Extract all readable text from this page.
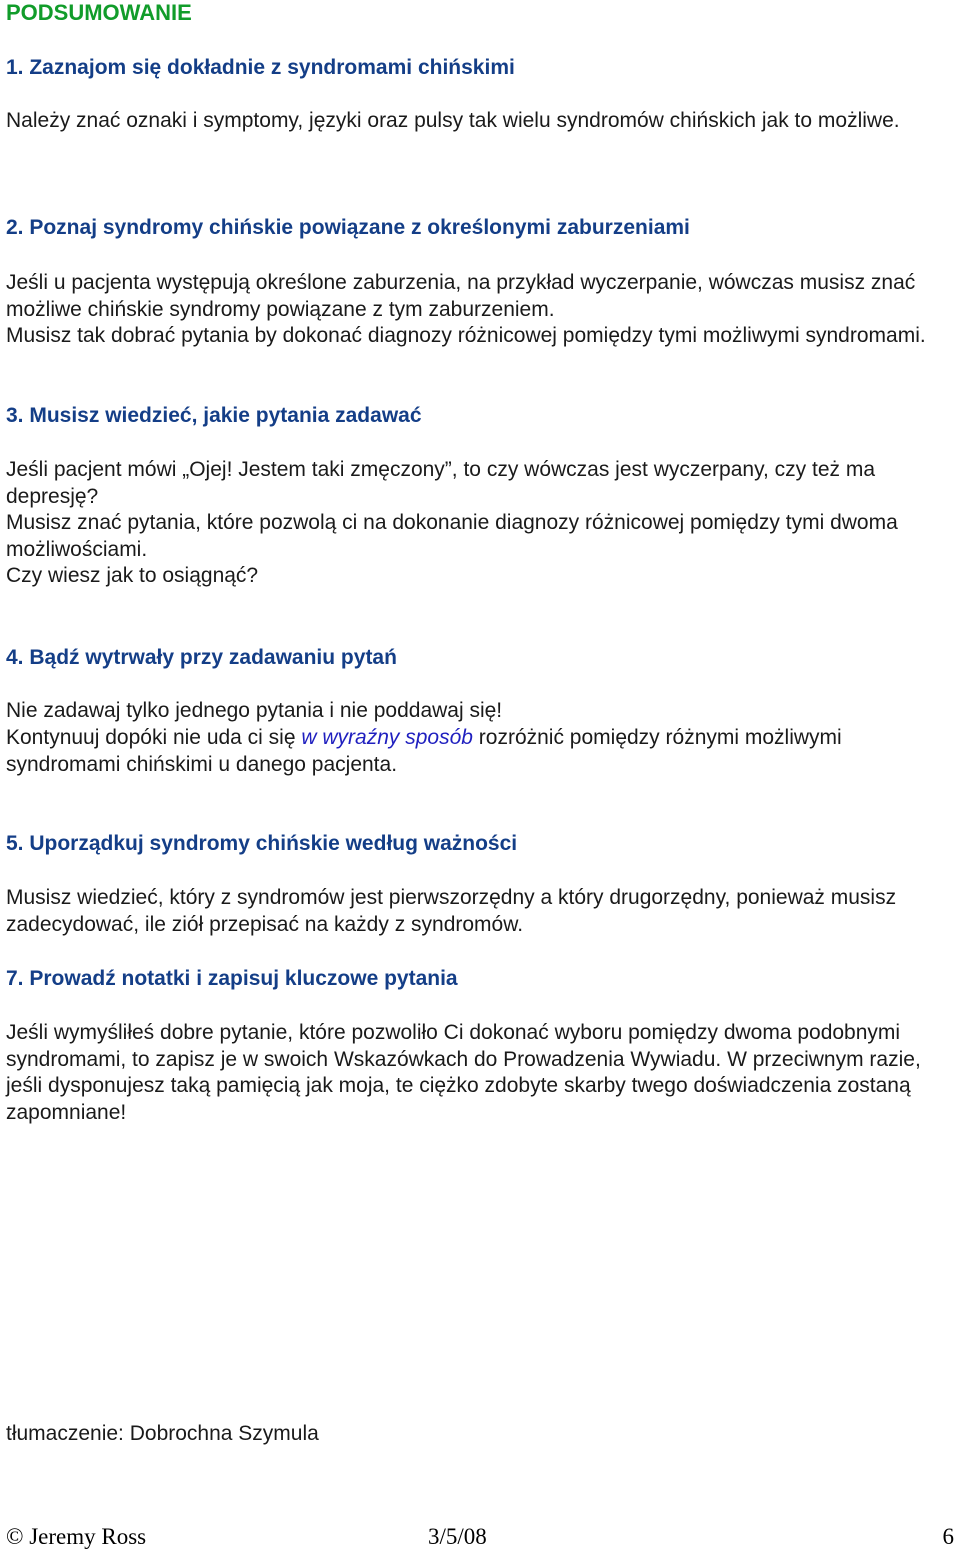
PODSUMOWANIE
1. Zaznajom się dokładnie z syndromami chińskimi

Należy znać oznaki i symptomy, języki oraz pulsy tak wielu syndromów chińskich jak to możliwe.

2. Poznaj syndromy chińskie powiązane z określonymi zaburzeniami

Jeśli u pacjenta występują określone zaburzenia, na przykład wyczerpanie, wówczas musisz znać możliwe chińskie syndromy powiązane z tym zaburzeniem.

Musisz tak dobrać pytania by dokonać diagnozy różnicowej pomiędzy tymi możliwymi syndromami.

3. Musisz wiedzieć, jakie pytania zadawać

Jeśli pacjent mówi „Ojej! Jestem taki zmęczony”, to czy wówczas jest wyczerpany, czy też ma depresję?

Musisz znać pytania, które pozwolą ci na dokonanie diagnozy różnicowej pomiędzy tymi dwoma możliwościami.

Czy wiesz jak to osiągnąć?

4. Bądź wytrwały przy zadawaniu pytań

Nie zadawaj tylko jednego pytania i nie poddawaj się!

Kontynuuj dopóki nie uda ci się w wyraźny sposób rozróżnić pomiędzy różnymi możliwymi syndromami chińskimi u danego pacjenta.

5. Uporządkuj syndromy chińskie według ważności

Musisz wiedzieć, który z syndromów jest pierwszorzędny a który drugorzędny, ponieważ musisz zadecydować, ile ziół przepisać na każdy z syndromów.

7. Prowadź notatki i zapisuj kluczowe pytania

Jeśli wymyśliłeś dobre pytanie, które pozwoliło Ci dokonać wyboru pomiędzy dwoma podobnymi syndromami, to zapisz je w swoich Wskazówkach do Prowadzenia Wywiadu. W przeciwnym razie, jeśli dysponujesz taką pamięcią jak moja, te ciężko zdobyte skarby twego doświadczenia zostaną zapomniane!

tłumaczenie: Dobrochna Szymula

© Jeremy Ross	3/5/08	6
